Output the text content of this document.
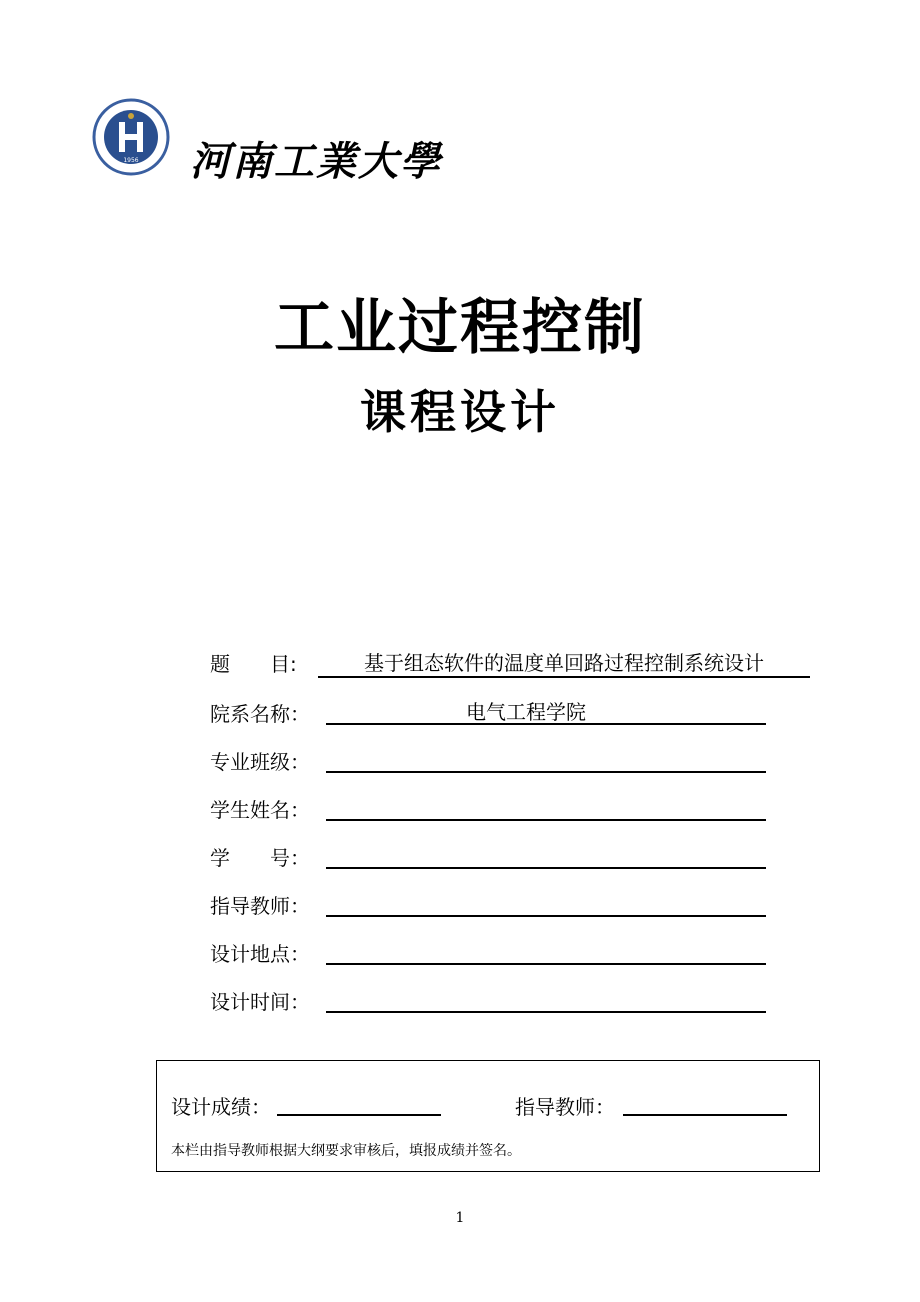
1956 河南工業大學
工业过程控制
课程设计
题　　目:	基于组态软件的温度单回路过程控制系统设计
院系名称：	电气工程学院
专业班级：
学生姓名：
学　　号：
指导教师：
设计地点：
设计时间：
设计成绩：	指导教师：
本栏由指导教师根据大纲要求审核后，填报成绩并签名。
1
